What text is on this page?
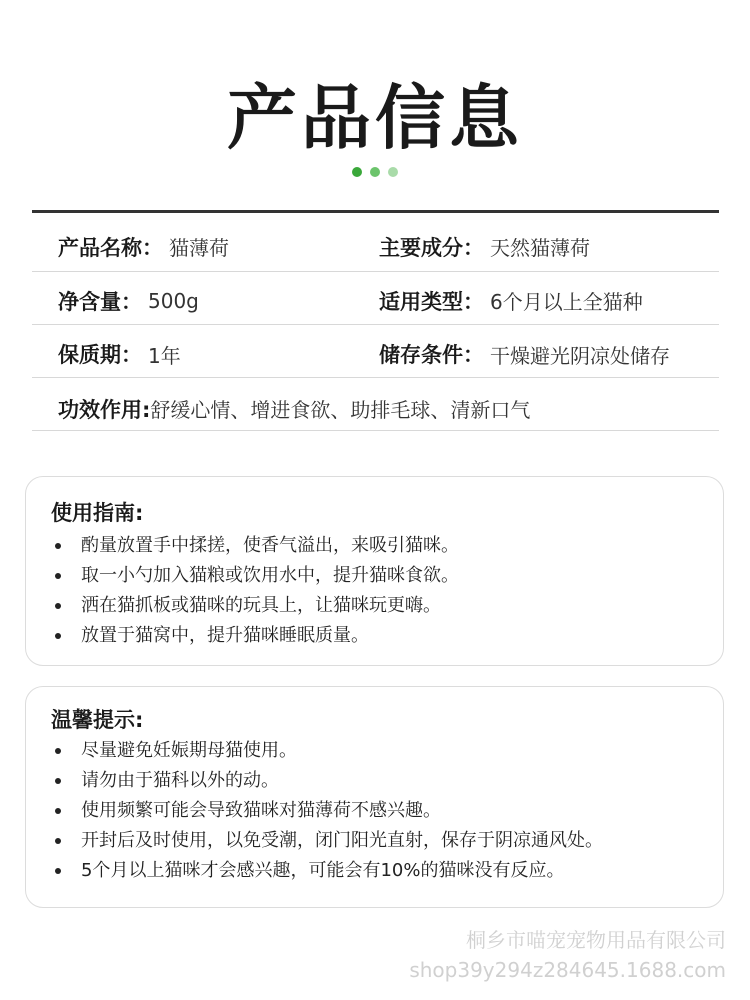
产品信息
产品名称： 猫薄荷	主要成分： 天然猫薄荷
净含量： 500g	适用类型： 6个月以上全猫种
保质期： 1年	储存条件： 干燥避光阴凉处储存
功效作用: 舒缓心情、增进食欲、助排毛球、清新口气
使用指南:
酌量放置手中揉搓，使香气溢出，来吸引猫咪。
取一小勺加入猫粮或饮用水中，提升猫咪食欲。
洒在猫抓板或猫咪的玩具上，让猫咪玩更嗨。
放置于猫窝中，提升猫咪睡眠质量。
温馨提示:
尽量避免妊娠期母猫使用。
请勿由于猫科以外的动。
使用频繁可能会导致猫咪对猫薄荷不感兴趣。
开封后及时使用，以免受潮，闭门阳光直射，保存于阴凉通风处。
5个月以上猫咪才会感兴趣，可能会有10%的猫咪没有反应。
桐乡市喵宠宠物用品有限公司
shop39y294z284645.1688.com
